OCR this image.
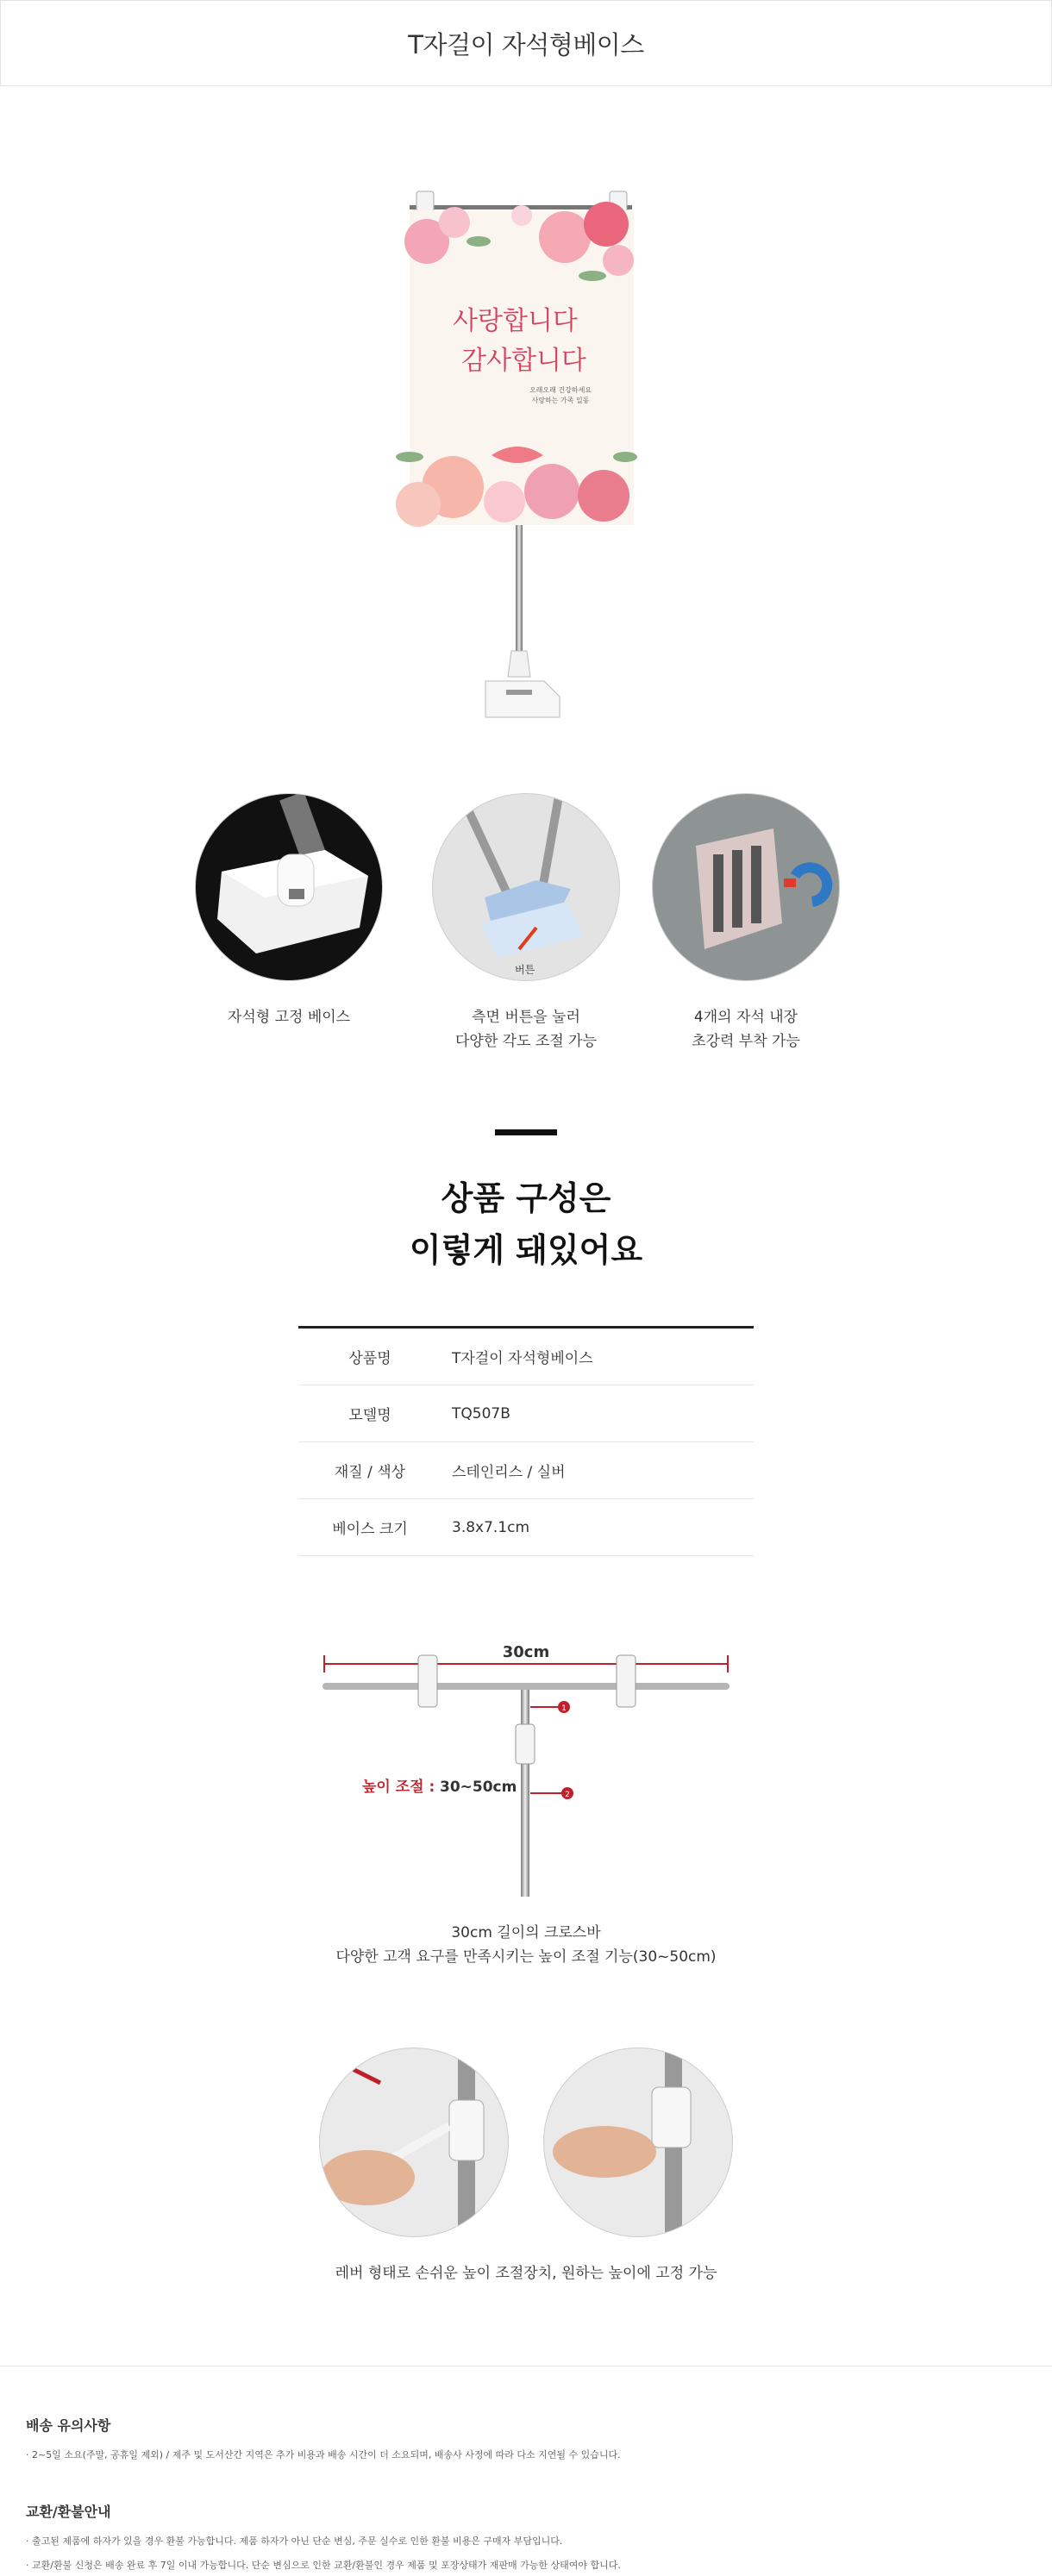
T자걸이 자석형베이스
사랑합니다
감사합니다
오래오래 건강하세요
사랑하는 가족 일동
자석형 고정 베이스
버튼
측면 버튼을 눌러
다양한 각도 조절 가능
4개의 자석 내장
초강력 부착 가능
상품 구성은
이렇게 돼있어요
상품명	T자걸이 자석형베이스
모델명	TQ507B
재질 / 색상	스테인리스 / 실버
베이스 크기	3.8x7.1cm
1
2
30cm
높이 조절 : 30~50cm
30cm 길이의 크로스바
다양한 고객 요구를 만족시키는 높이 조절 기능(30~50cm)
레버 형태로 손쉬운 높이 조절장치, 원하는 높이에 고정 가능
배송 유의사항

· 2~5일 소요(주말, 공휴일 제외) / 제주 및 도서산간 지역은 추가 비용과 배송 시간이 더 소요되며, 배송사 사정에 따라 다소 지연될 수 있습니다.

교환/환불안내

· 출고된 제품에 하자가 있을 경우 환불 가능합니다. 제품 하자가 아닌 단순 변심, 주문 실수로 인한 환불 비용은 구매자 부담입니다.

· 교환/환불 신청은 배송 완료 후 7일 이내 가능합니다. 단순 변심으로 인한 교환/환불인 경우 제품 및 포장상태가 재판매 가능한 상태여야 합니다.
